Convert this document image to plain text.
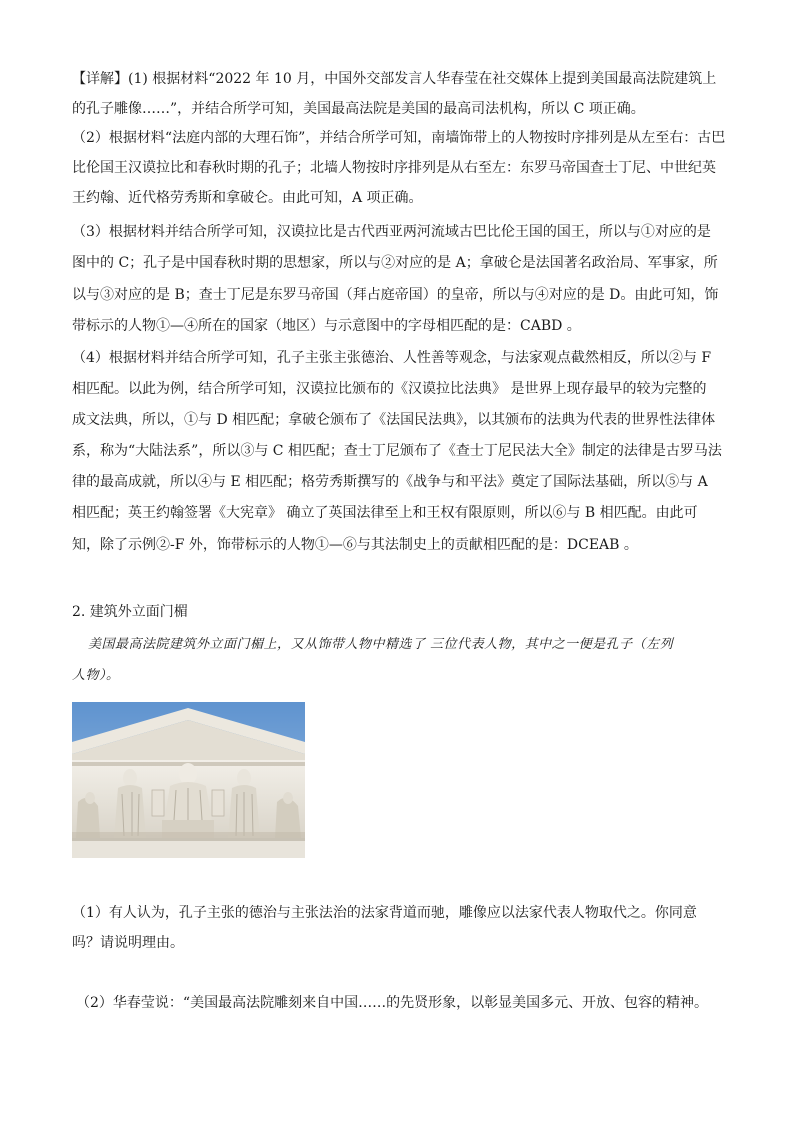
【详解】(1) 根据材料“2022 年 10 月，中国外交部发言人华春莹在社交媒体上提到美国最高法院建筑上
的孔子雕像……”，并结合所学可知，美国最高法院是美国的最高司法机构，所以 C 项正确。
（2）根据材料“法庭内部的大理石饰”，并结合所学可知，南墙饰带上的人物按时序排列是从左至右：古巴
比伦国王汉谟拉比和春秋时期的孔子；北墙人物按时序排列是从右至左：东罗马帝国查士丁尼、中世纪英
王约翰、近代格劳秀斯和拿破仑。由此可知，A 项正确。
（3）根据材料并结合所学可知，汉谟拉比是古代西亚两河流域古巴比伦王国的国王，所以与①对应的是
图中的 C；孔子是中国春秋时期的思想家，所以与②对应的是 A；拿破仑是法国著名政治局、军事家，所
以与③对应的是 B；查士丁尼是东罗马帝国（拜占庭帝国）的皇帝，所以与④对应的是 D。由此可知，饰
带标示的人物①—④所在的国家（地区）与示意图中的字母相匹配的是：CABD 。
（4）根据材料并结合所学可知，孔子主张主张德治、人性善等观念，与法家观点截然相反，所以②与 F
相匹配。以此为例，结合所学可知，汉谟拉比颁布的《汉谟拉比法典》 是世界上现存最早的较为完整的
成文法典，所以，①与 D 相匹配；拿破仑颁布了《法国民法典》，以其颁布的法典为代表的世界性法律体
系，称为“大陆法系”，所以③与 C 相匹配；查士丁尼颁布了《查士丁尼民法大全》制定的法律是古罗马法
律的最高成就，所以④与 E 相匹配；格劳秀斯撰写的《战争与和平法》奠定了国际法基础，所以⑤与 A
相匹配；英王约翰签署《大宪章》 确立了英国法律至上和王权有限原则，所以⑥与 B 相匹配。由此可
知，除了示例②-F 外，饰带标示的人物①—⑥与其法制史上的贡献相匹配的是：DCEAB 。
2. 建筑外立面门楣
美国最高法院建筑外立面门楣上，又从饰带人物中精选了 三位代表人物，其中之一便是孔子（左列
人物）。
（1）有人认为，孔子主张的德治与主张法治的法家背道而驰，雕像应以法家代表人物取代之。你同意
吗？请说明理由。
（2）华春莹说：“美国最高法院雕刻来自中国……的先贤形象，以彰显美国多元、开放、包容的精神。
